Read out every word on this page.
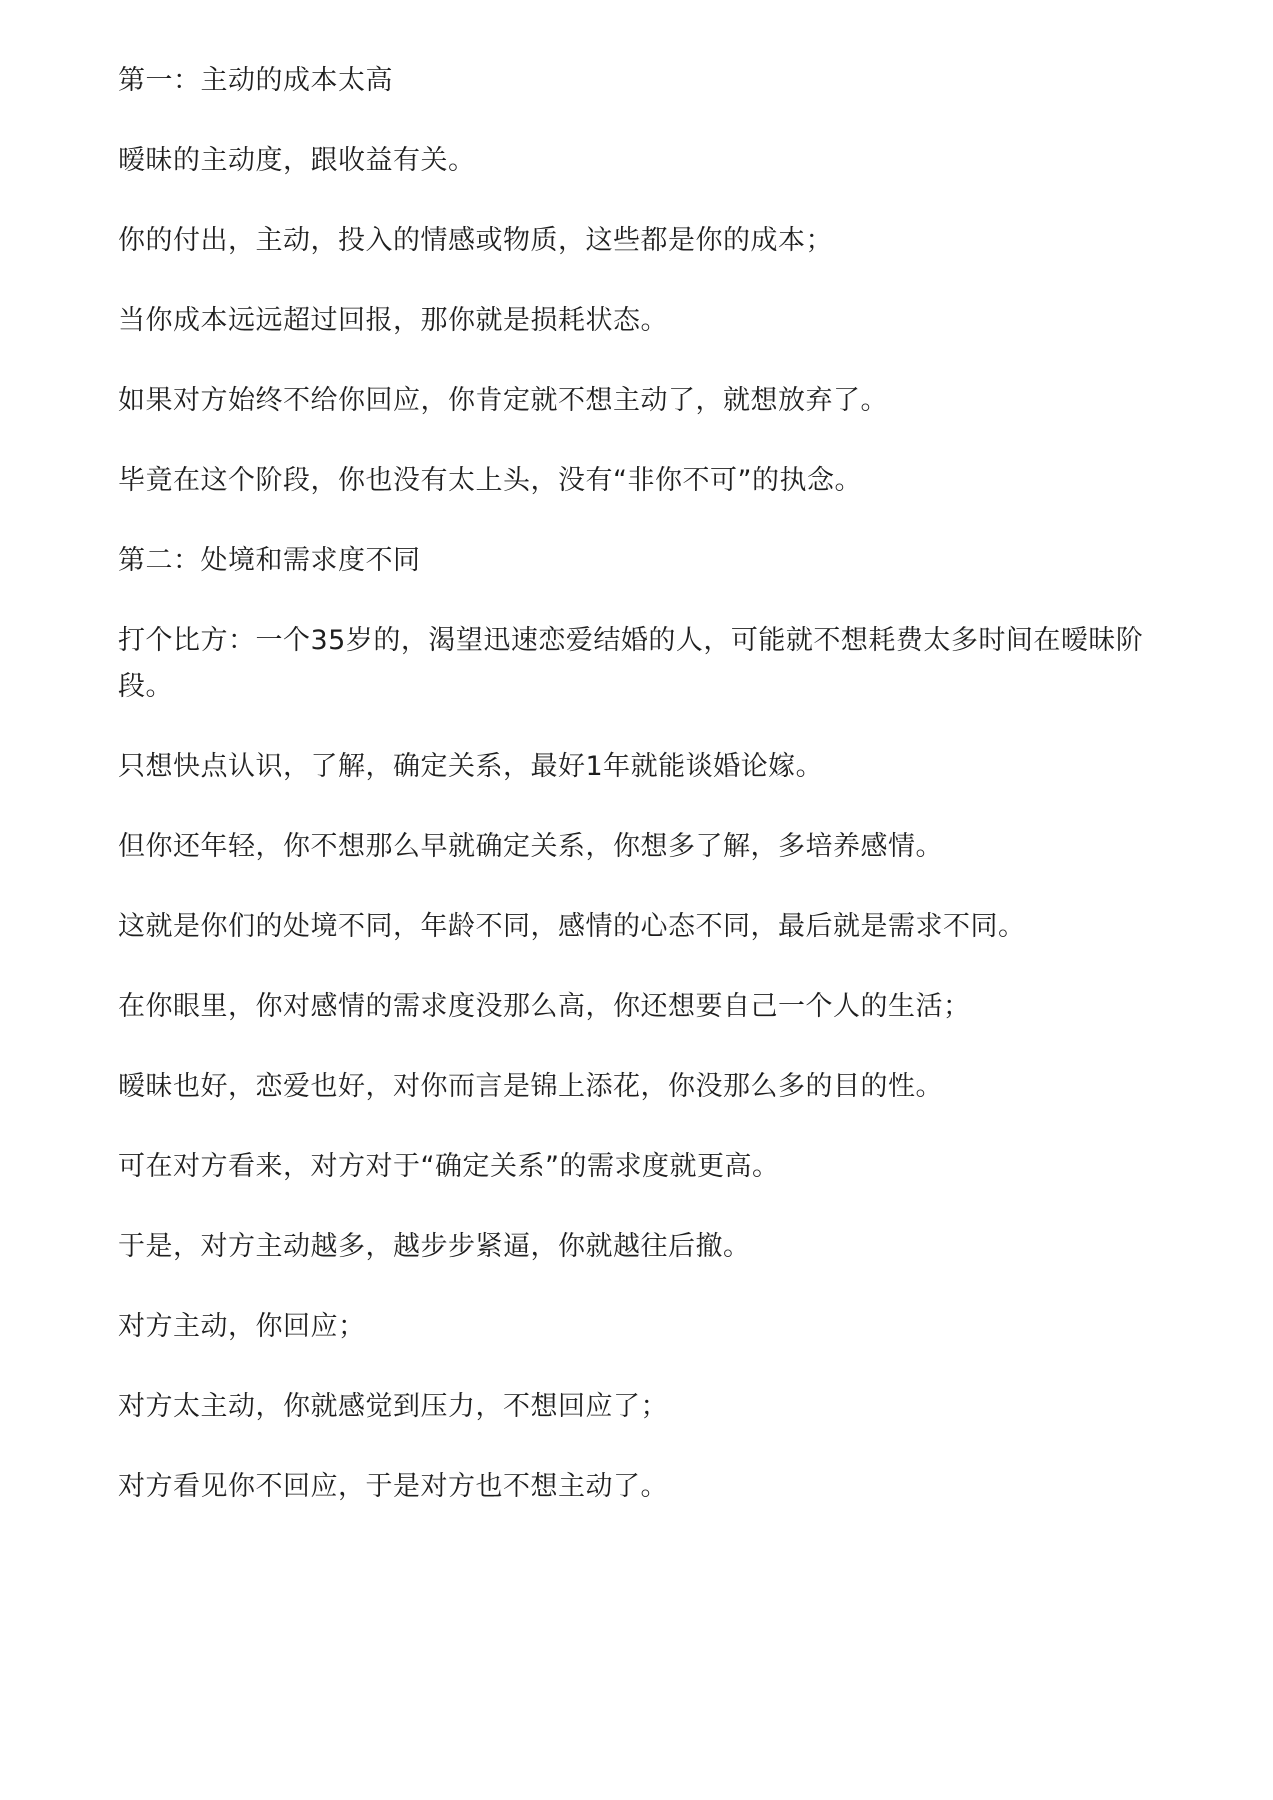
第一：主动的成本太高

暧昧的主动度，跟收益有关。

你的付出，主动，投入的情感或物质，这些都是你的成本；

当你成本远远超过回报，那你就是损耗状态。

如果对方始终不给你回应，你肯定就不想主动了，就想放弃了。

毕竟在这个阶段，你也没有太上头，没有“非你不可”的执念。

第二：处境和需求度不同

打个比方：一个35岁的，渴望迅速恋爱结婚的人，可能就不想耗费太多时间在暧昧阶段。

只想快点认识，了解，确定关系，最好1年就能谈婚论嫁。

但你还年轻，你不想那么早就确定关系，你想多了解，多培养感情。

这就是你们的处境不同，年龄不同，感情的心态不同，最后就是需求不同。

在你眼里，你对感情的需求度没那么高，你还想要自己一个人的生活；

暧昧也好，恋爱也好，对你而言是锦上添花，你没那么多的目的性。

可在对方看来，对方对于“确定关系”的需求度就更高。

于是，对方主动越多，越步步紧逼，你就越往后撤。

对方主动，你回应；

对方太主动，你就感觉到压力，不想回应了；

对方看见你不回应，于是对方也不想主动了。
